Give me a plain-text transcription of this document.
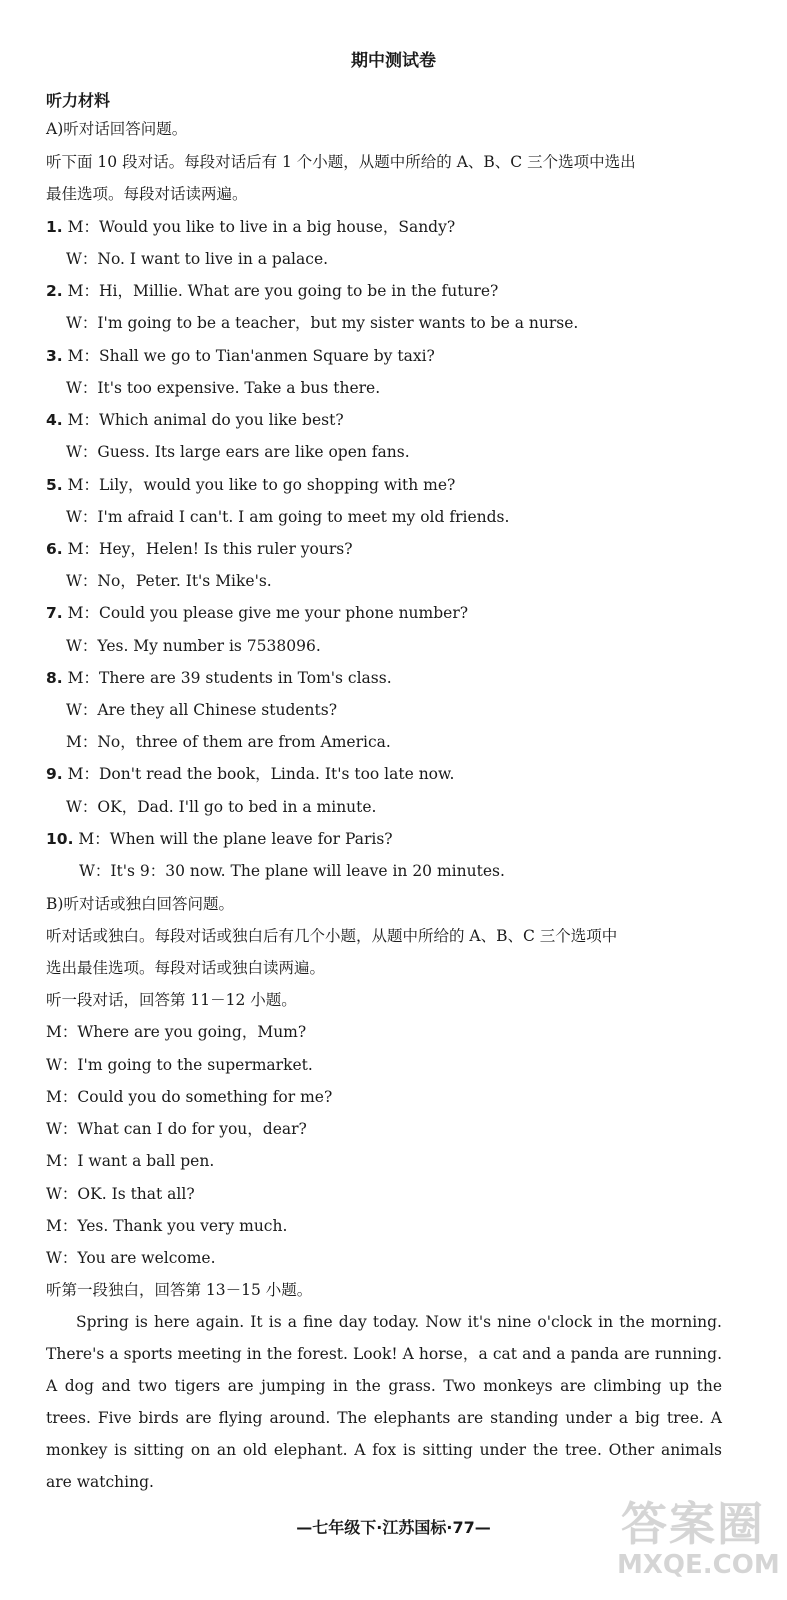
期中测试卷
听力材料
A)听对话回答问题。
听下面 10 段对话。每段对话后有 1 个小题，从题中所给的 A、B、C 三个选项中选出
最佳选项。每段对话读两遍。
1. M：Would you like to live in a big house，Sandy?
W：No. I want to live in a palace.
2. M：Hi，Millie. What are you going to be in the future?
W：I'm going to be a teacher，but my sister wants to be a nurse.
3. M：Shall we go to Tian'anmen Square by taxi?
W：It's too expensive. Take a bus there.
4. M：Which animal do you like best?
W：Guess. Its large ears are like open fans.
5. M：Lily，would you like to go shopping with me?
W：I'm afraid I can't. I am going to meet my old friends.
6. M：Hey，Helen! Is this ruler yours?
W：No，Peter. It's Mike's.
7. M：Could you please give me your phone number?
W：Yes. My number is 7538096.
8. M：There are 39 students in Tom's class.
W：Are they all Chinese students?
M：No，three of them are from America.
9. M：Don't read the book，Linda. It's too late now.
W：OK，Dad. I'll go to bed in a minute.
10. M：When will the plane leave for Paris?
W：It's 9：30 now. The plane will leave in 20 minutes.
B)听对话或独白回答问题。
听对话或独白。每段对话或独白后有几个小题，从题中所给的 A、B、C 三个选项中
选出最佳选项。每段对话或独白读两遍。
听一段对话，回答第 11－12 小题。
M：Where are you going，Mum?
W：I'm going to the supermarket.
M：Could you do something for me?
W：What can I do for you，dear?
M：I want a ball pen.
W：OK. Is that all?
M：Yes. Thank you very much.
W：You are welcome.
听第一段独白，回答第 13－15 小题。
Spring is here again. It is a fine day today. Now it's nine o'clock in the morning. There's a sports meeting in the forest. Look! A horse，a cat and a panda are running. A dog and two tigers are jumping in the grass. Two monkeys are climbing up the trees. Five birds are flying around. The elephants are standing under a big tree. A monkey is sitting on an old elephant. A fox is sitting under the tree. Other animals are watching.
—七年级下·江苏国标·77—	答案圈
MXQE.COM
